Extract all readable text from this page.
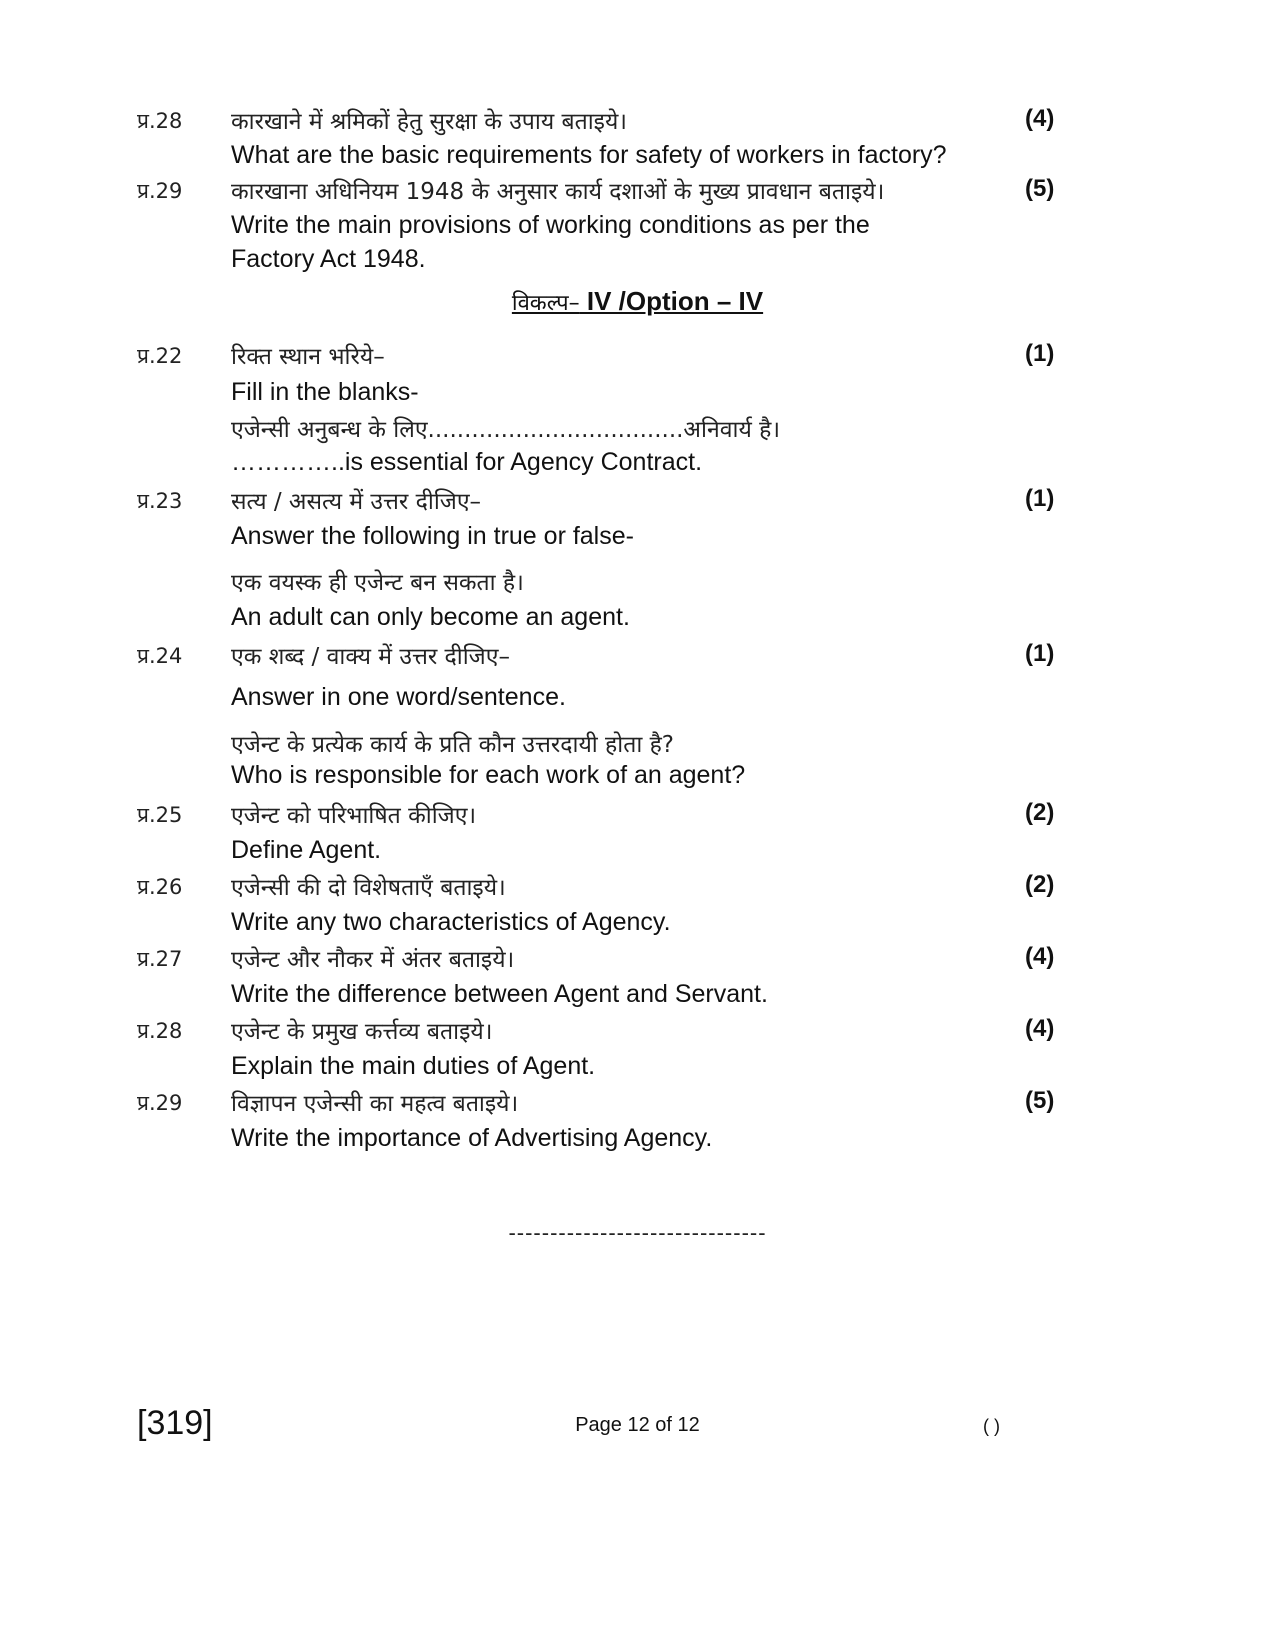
प्र.28 कारखाने में श्रमिकों हेतु सुरक्षा के उपाय बताइये।	(4)
What are the basic requirements for safety of workers in factory?
प्र.29 कारखाना अधिनियम 1948 के अनुसार कार्य दशाओं के मुख्य प्रावधान बताइये।	(5)
Write the main provisions of working conditions as per the
Factory Act 1948.
विकल्प– IV /Option – IV
प्र.22 रिक्त स्थान भरिये–	(1)
Fill in the blanks-
एजेन्सी अनुबन्ध के लिए...................................अनिवार्य है।
…………..is essential for Agency Contract.
प्र.23 सत्य / असत्य में उत्तर दीजिए–	(1)
Answer the following in true or false-
एक वयस्क ही एजेन्ट बन सकता है।
An adult can only become an agent.
प्र.24 एक शब्द / वाक्य में उत्तर दीजिए–	(1)
Answer in one word/sentence.
एजेन्ट के प्रत्येक कार्य के प्रति कौन उत्तरदायी होता है?
Who is responsible for each work of an agent?
प्र.25 एजेन्ट को परिभाषित कीजिए।	(2)
Define Agent.
प्र.26 एजेन्सी की दो विशेषताएँ बताइये।	(2)
Write any two characteristics of Agency.
प्र.27 एजेन्ट और नौकर में अंतर बताइये।	(4)
Write the difference between Agent and Servant.
प्र.28 एजेन्ट के प्रमुख कर्त्तव्य बताइये।	(4)
Explain the main duties of Agent.
प्र.29 विज्ञापन एजेन्सी का महत्व बताइये।	(5)
Write the importance of Advertising Agency.
-------------------------------
[319]	Page 12 of 12	( )
